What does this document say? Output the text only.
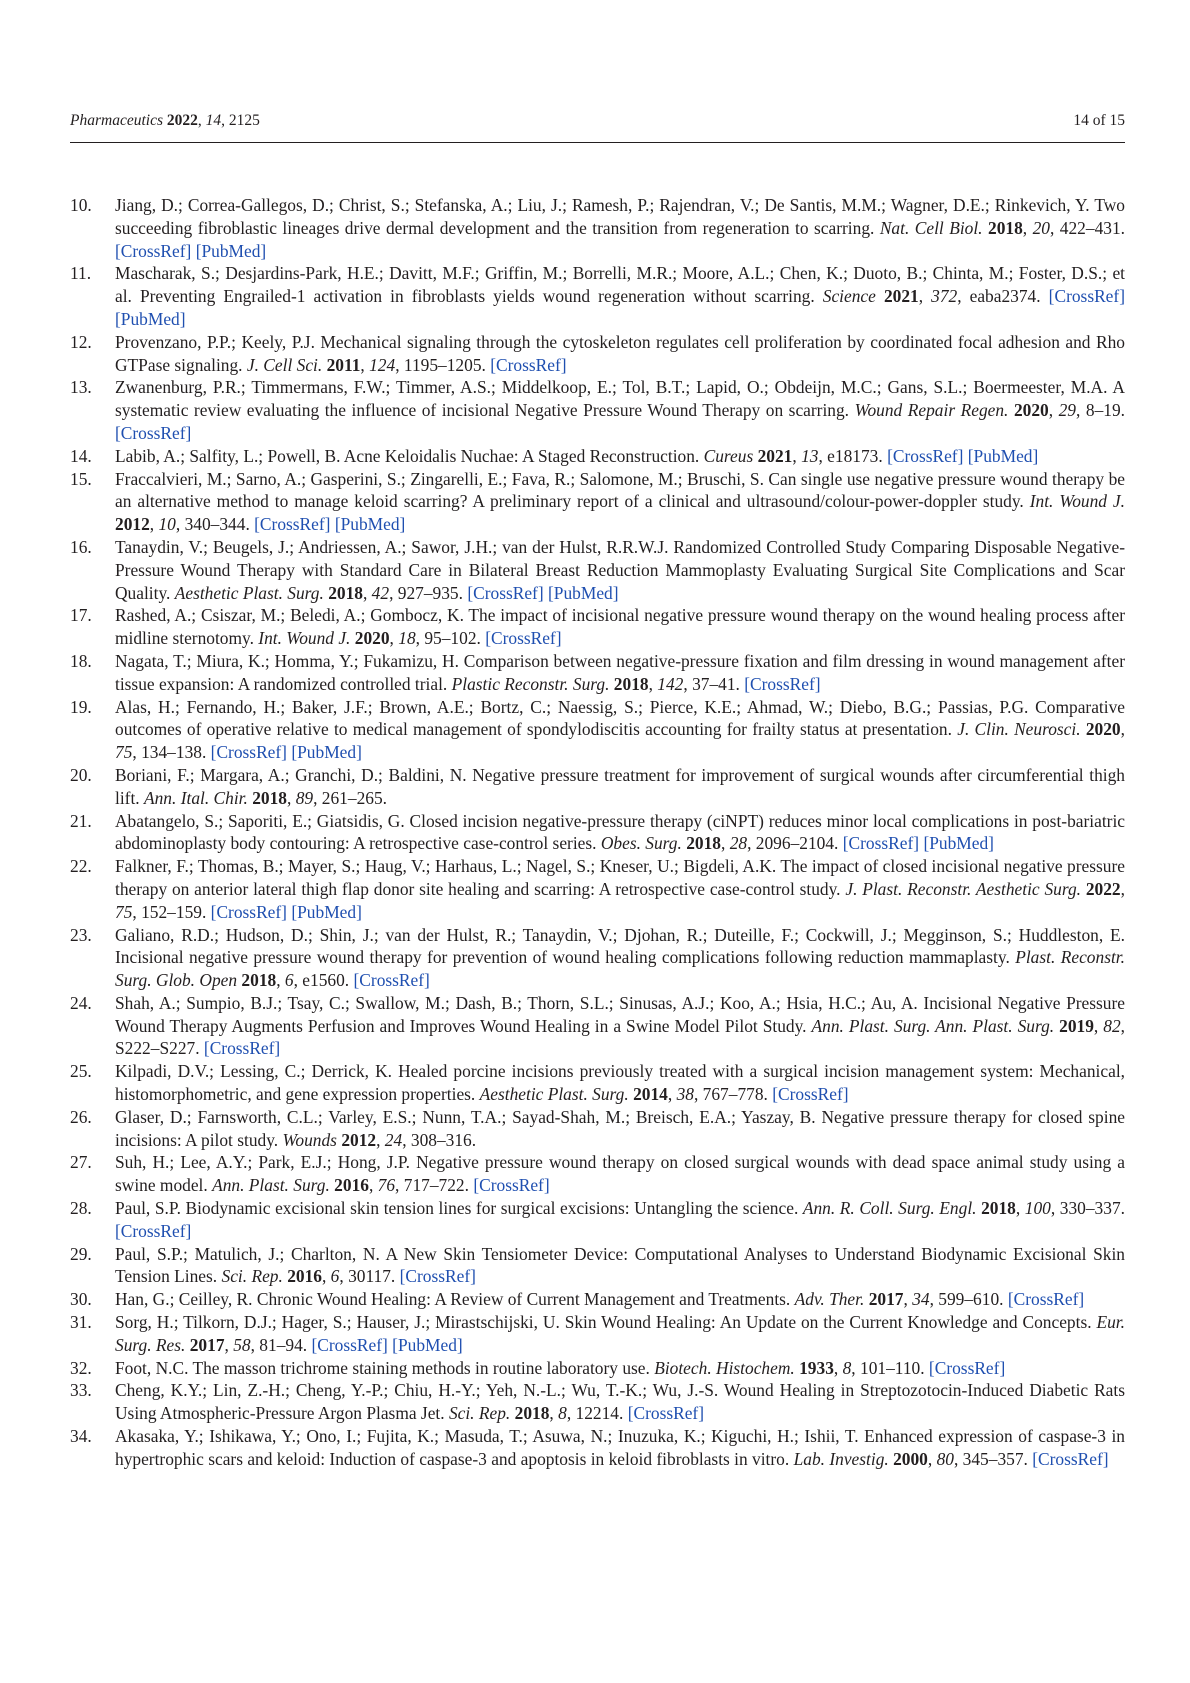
Pharmaceutics 2022, 14, 2125	14 of 15
10. Jiang, D.; Correa-Gallegos, D.; Christ, S.; Stefanska, A.; Liu, J.; Ramesh, P.; Rajendran, V.; De Santis, M.M.; Wagner, D.E.; Rinkevich, Y. Two succeeding fibroblastic lineages drive dermal development and the transition from regeneration to scarring. Nat. Cell Biol. 2018, 20, 422–431. [CrossRef] [PubMed]
11. Mascharak, S.; Desjardins-Park, H.E.; Davitt, M.F.; Griffin, M.; Borrelli, M.R.; Moore, A.L.; Chen, K.; Duoto, B.; Chinta, M.; Foster, D.S.; et al. Preventing Engrailed-1 activation in fibroblasts yields wound regeneration without scarring. Science 2021, 372, eaba2374. [CrossRef] [PubMed]
12. Provenzano, P.P.; Keely, P.J. Mechanical signaling through the cytoskeleton regulates cell proliferation by coordinated focal adhesion and Rho GTPase signaling. J. Cell Sci. 2011, 124, 1195–1205. [CrossRef]
13. Zwanenburg, P.R.; Timmermans, F.W.; Timmer, A.S.; Middelkoop, E.; Tol, B.T.; Lapid, O.; Obdeijn, M.C.; Gans, S.L.; Boermeester, M.A. A systematic review evaluating the influence of incisional Negative Pressure Wound Therapy on scarring. Wound Repair Regen. 2020, 29, 8–19. [CrossRef]
14. Labib, A.; Salfity, L.; Powell, B. Acne Keloidalis Nuchae: A Staged Reconstruction. Cureus 2021, 13, e18173. [CrossRef] [PubMed]
15. Fraccalvieri, M.; Sarno, A.; Gasperini, S.; Zingarelli, E.; Fava, R.; Salomone, M.; Bruschi, S. Can single use negative pressure wound therapy be an alternative method to manage keloid scarring? A preliminary report of a clinical and ultrasound/colour-power-doppler study. Int. Wound J. 2012, 10, 340–344. [CrossRef] [PubMed]
16. Tanaydin, V.; Beugels, J.; Andriessen, A.; Sawor, J.H.; van der Hulst, R.R.W.J. Randomized Controlled Study Comparing Disposable Negative-Pressure Wound Therapy with Standard Care in Bilateral Breast Reduction Mammoplasty Evaluating Surgical Site Complications and Scar Quality. Aesthetic Plast. Surg. 2018, 42, 927–935. [CrossRef] [PubMed]
17. Rashed, A.; Csiszar, M.; Beledi, A.; Gombocz, K. The impact of incisional negative pressure wound therapy on the wound healing process after midline sternotomy. Int. Wound J. 2020, 18, 95–102. [CrossRef]
18. Nagata, T.; Miura, K.; Homma, Y.; Fukamizu, H. Comparison between negative-pressure fixation and film dressing in wound management after tissue expansion: A randomized controlled trial. Plastic Reconstr. Surg. 2018, 142, 37–41. [CrossRef]
19. Alas, H.; Fernando, H.; Baker, J.F.; Brown, A.E.; Bortz, C.; Naessig, S.; Pierce, K.E.; Ahmad, W.; Diebo, B.G.; Passias, P.G. Comparative outcomes of operative relative to medical management of spondylodiscitis accounting for frailty status at presentation. J. Clin. Neurosci. 2020, 75, 134–138. [CrossRef] [PubMed]
20. Boriani, F.; Margara, A.; Granchi, D.; Baldini, N. Negative pressure treatment for improvement of surgical wounds after circumferential thigh lift. Ann. Ital. Chir. 2018, 89, 261–265.
21. Abatangelo, S.; Saporiti, E.; Giatsidis, G. Closed incision negative-pressure therapy (ciNPT) reduces minor local complications in post-bariatric abdominoplasty body contouring: A retrospective case-control series. Obes. Surg. 2018, 28, 2096–2104. [CrossRef] [PubMed]
22. Falkner, F.; Thomas, B.; Mayer, S.; Haug, V.; Harhaus, L.; Nagel, S.; Kneser, U.; Bigdeli, A.K. The impact of closed incisional negative pressure therapy on anterior lateral thigh flap donor site healing and scarring: A retrospective case-control study. J. Plast. Reconstr. Aesthetic Surg. 2022, 75, 152–159. [CrossRef] [PubMed]
23. Galiano, R.D.; Hudson, D.; Shin, J.; van der Hulst, R.; Tanaydin, V.; Djohan, R.; Duteille, F.; Cockwill, J.; Megginson, S.; Huddleston, E. Incisional negative pressure wound therapy for prevention of wound healing complications following reduction mammaplasty. Plast. Reconstr. Surg. Glob. Open 2018, 6, e1560. [CrossRef]
24. Shah, A.; Sumpio, B.J.; Tsay, C.; Swallow, M.; Dash, B.; Thorn, S.L.; Sinusas, A.J.; Koo, A.; Hsia, H.C.; Au, A. Incisional Negative Pressure Wound Therapy Augments Perfusion and Improves Wound Healing in a Swine Model Pilot Study. Ann. Plast. Surg. Ann. Plast. Surg. 2019, 82, S222–S227. [CrossRef]
25. Kilpadi, D.V.; Lessing, C.; Derrick, K. Healed porcine incisions previously treated with a surgical incision management system: Mechanical, histomorphometric, and gene expression properties. Aesthetic Plast. Surg. 2014, 38, 767–778. [CrossRef]
26. Glaser, D.; Farnsworth, C.L.; Varley, E.S.; Nunn, T.A.; Sayad-Shah, M.; Breisch, E.A.; Yaszay, B. Negative pressure therapy for closed spine incisions: A pilot study. Wounds 2012, 24, 308–316.
27. Suh, H.; Lee, A.Y.; Park, E.J.; Hong, J.P. Negative pressure wound therapy on closed surgical wounds with dead space animal study using a swine model. Ann. Plast. Surg. 2016, 76, 717–722. [CrossRef]
28. Paul, S.P. Biodynamic excisional skin tension lines for surgical excisions: Untangling the science. Ann. R. Coll. Surg. Engl. 2018, 100, 330–337. [CrossRef]
29. Paul, S.P.; Matulich, J.; Charlton, N. A New Skin Tensiometer Device: Computational Analyses to Understand Biodynamic Excisional Skin Tension Lines. Sci. Rep. 2016, 6, 30117. [CrossRef]
30. Han, G.; Ceilley, R. Chronic Wound Healing: A Review of Current Management and Treatments. Adv. Ther. 2017, 34, 599–610. [CrossRef]
31. Sorg, H.; Tilkorn, D.J.; Hager, S.; Hauser, J.; Mirastschijski, U. Skin Wound Healing: An Update on the Current Knowledge and Concepts. Eur. Surg. Res. 2017, 58, 81–94. [CrossRef] [PubMed]
32. Foot, N.C. The masson trichrome staining methods in routine laboratory use. Biotech. Histochem. 1933, 8, 101–110. [CrossRef]
33. Cheng, K.Y.; Lin, Z.-H.; Cheng, Y.-P.; Chiu, H.-Y.; Yeh, N.-L.; Wu, T.-K.; Wu, J.-S. Wound Healing in Streptozotocin-Induced Diabetic Rats Using Atmospheric-Pressure Argon Plasma Jet. Sci. Rep. 2018, 8, 12214. [CrossRef]
34. Akasaka, Y.; Ishikawa, Y.; Ono, I.; Fujita, K.; Masuda, T.; Asuwa, N.; Inuzuka, K.; Kiguchi, H.; Ishii, T. Enhanced expression of caspase-3 in hypertrophic scars and keloid: Induction of caspase-3 and apoptosis in keloid fibroblasts in vitro. Lab. Investig. 2000, 80, 345–357. [CrossRef]
